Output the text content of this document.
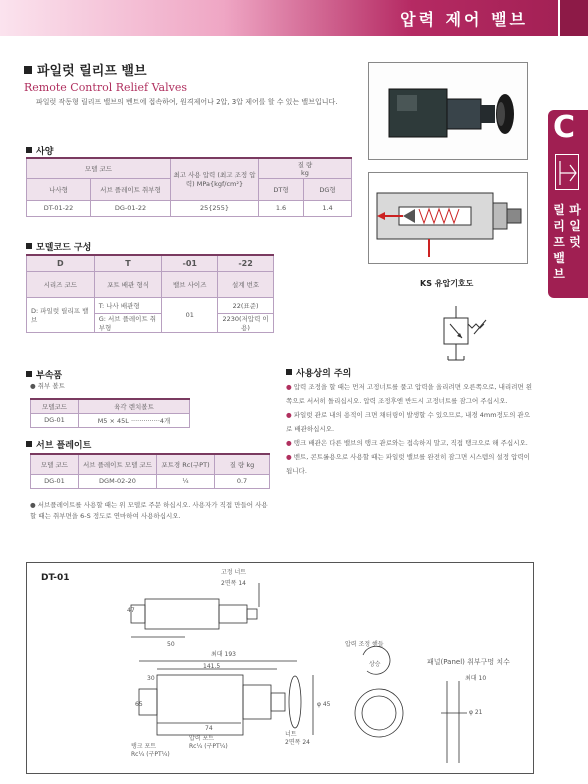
압력 제어 밸브
C
릴리프밸브
파일럿
파일럿 릴리프 밸브
Remote Control Relief Valves
파일럿 작동형 릴리프 밸브의 벤트에 접속하여, 원격제어나 2압, 3압 제어를 할 수 있는 밸브입니다.
사양
모델 코드		최고 사용 압력 (최고 조정 압력) MPa{kgf/cm²}	질 량
kg	
나사형	서브 플레이트 취부형		DT형	DG형
DT-01-22	DG-01-22	25{255}	1.6	1.4
모델코드 구성
D	T	-01	-22
시리즈 코드	포트 배관 형식	밸브 사이즈	설계 번호
D: 파일럿 릴리프 밸브	T: 나사 배관형	01	22(표준)
	G: 서브 플레이트 취부형		2230(저압력 이용)
KS 유압기호도
부속품
● 취부 볼트
모델코드	육각 렌치볼트
DG-01	M5 × 45L ··············4개
서브 플레이트
모델 코드	서브 플레이트 모델 코드	포트경 Rc(구PT)	질 량 kg
DG-01	DGM-02-20	¼	0.7
● 서브플레이트를 사용할 때는 위 모델로 주문 하십시오. 사용자가 직접 만들어 사용할 때는 취부면을 6-S 정도로 연마하여 사용하십시오.
사용상의 주의
● 압력 조정을 할 때는 먼저 고정너트를 풀고 압력을 올리려면 오른쪽으로, 내리려면 왼쪽으로 서서히 돌리십시오. 압력 조정후엔 반드시 고정너트를 잠그어 주십시오.
● 파일럿 관로 내의 용적이 크면 채터링이 발생할 수 있으므로, 내경 4mm정도의 관으로 배관하십시오.
● 탱크 배관은 다른 밸브의 탱크 관로와는 접속하지 말고, 직접 탱크으로 해 주십시오.
● 벤트, 콘트롤용으로 사용할 때는 파일럿 밸브를 완전히 잠그면 시스템의 설정 압력이 됩니다.
DT-01
고정 너트
2면폭 14
50
최대 193
141.5
74
47
65	φ 45
30
압력 포트
Rc¼ (구PT¼)
탱크 포트
Rc¼ (구PT¼)
너트
2면폭 24
압력 조정 핸들
상승	패널(Panel) 취부구멍 치수
최대 10
φ 21
